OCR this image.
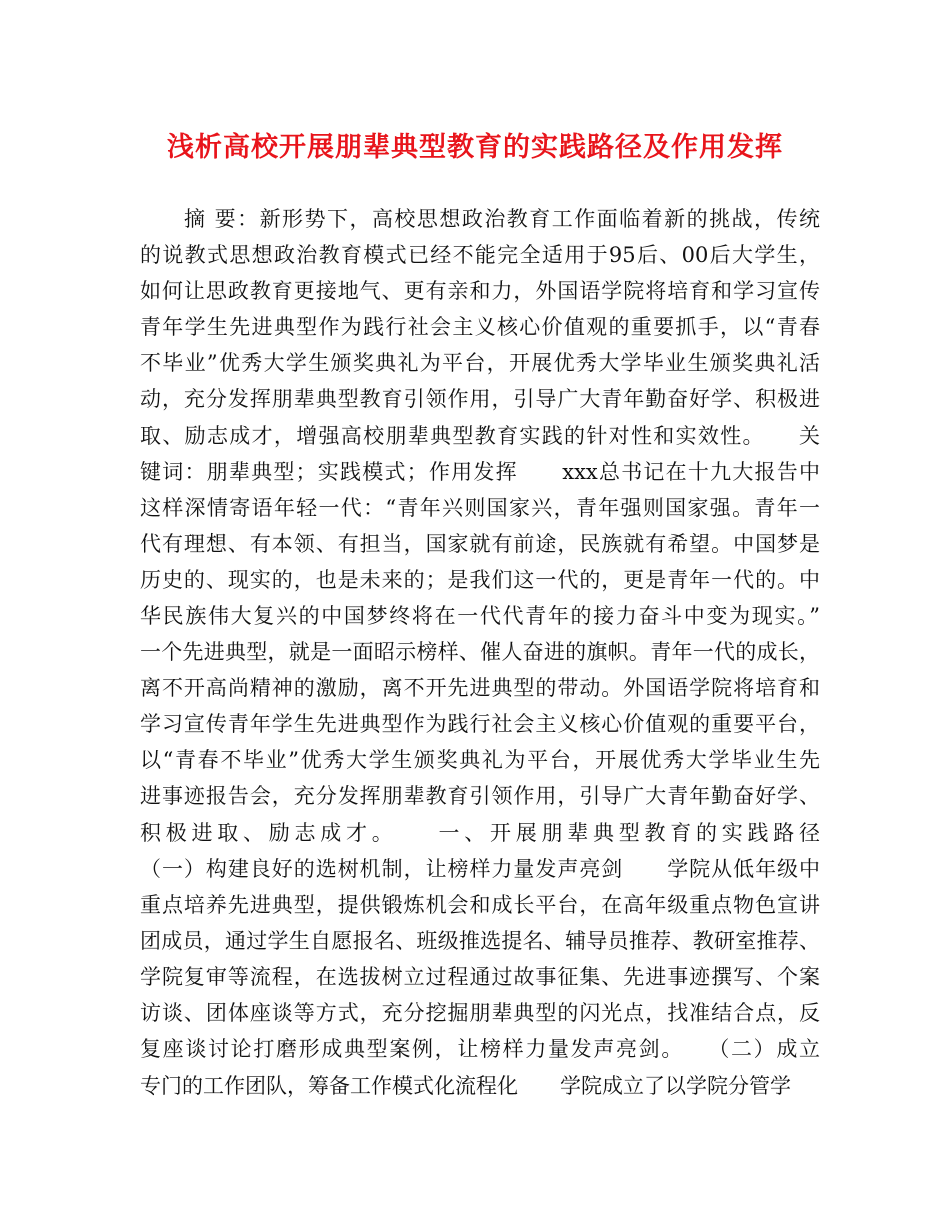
浅析高校开展朋辈典型教育的实践路径及作用发挥
摘 要：新形势下，高校思想政治教育工作面临着新的挑战，传统
的说教式思想政治教育模式已经不能完全适用于95后、00后大学生，
如何让思政教育更接地气、更有亲和力，外国语学院将培育和学习宣传
青年学生先进典型作为践行社会主义核心价值观的重要抓手，以“青春
不毕业”优秀大学生颁奖典礼为平台，开展优秀大学毕业生颁奖典礼活
动，充分发挥朋辈典型教育引领作用，引导广大青年勤奋好学、积极进
取、励志成才，增强高校朋辈典型教育实践的针对性和实效性。　　关
键词：朋辈典型；实践模式；作用发挥　　xxx总书记在十九大报告中
这样深情寄语年轻一代：“青年兴则国家兴，青年强则国家强。青年一
代有理想、有本领、有担当，国家就有前途，民族就有希望。中国梦是
历史的、现实的，也是未来的；是我们这一代的，更是青年一代的。中
华民族伟大复兴的中国梦终将在一代代青年的接力奋斗中变为现实。”
一个先进典型，就是一面昭示榜样、催人奋进的旗帜。青年一代的成长，
离不开高尚精神的激励，离不开先进典型的带动。外国语学院将培育和
学习宣传青年学生先进典型作为践行社会主义核心价值观的重要平台，
以“青春不毕业”优秀大学生颁奖典礼为平台，开展优秀大学毕业生先
进事迹报告会，充分发挥朋辈教育引领作用，引导广大青年勤奋好学、
积极进取、励志成才。　　一、开展朋辈典型教育的实践路径
（一）构建良好的选树机制，让榜样力量发声亮剑　　学院从低年级中
重点培养先进典型，提供锻炼机会和成长平台，在高年级重点物色宣讲
团成员，通过学生自愿报名、班级推选提名、辅导员推荐、教研室推荐、
学院复审等流程，在选拔树立过程通过故事征集、先进事迹撰写、个案
访谈、团体座谈等方式，充分挖掘朋辈典型的闪光点，找准结合点，反
复座谈讨论打磨形成典型案例，让榜样力量发声亮剑。　　（二）成立
专门的工作团队，筹备工作模式化流程化　　学院成立了以学院分管学
